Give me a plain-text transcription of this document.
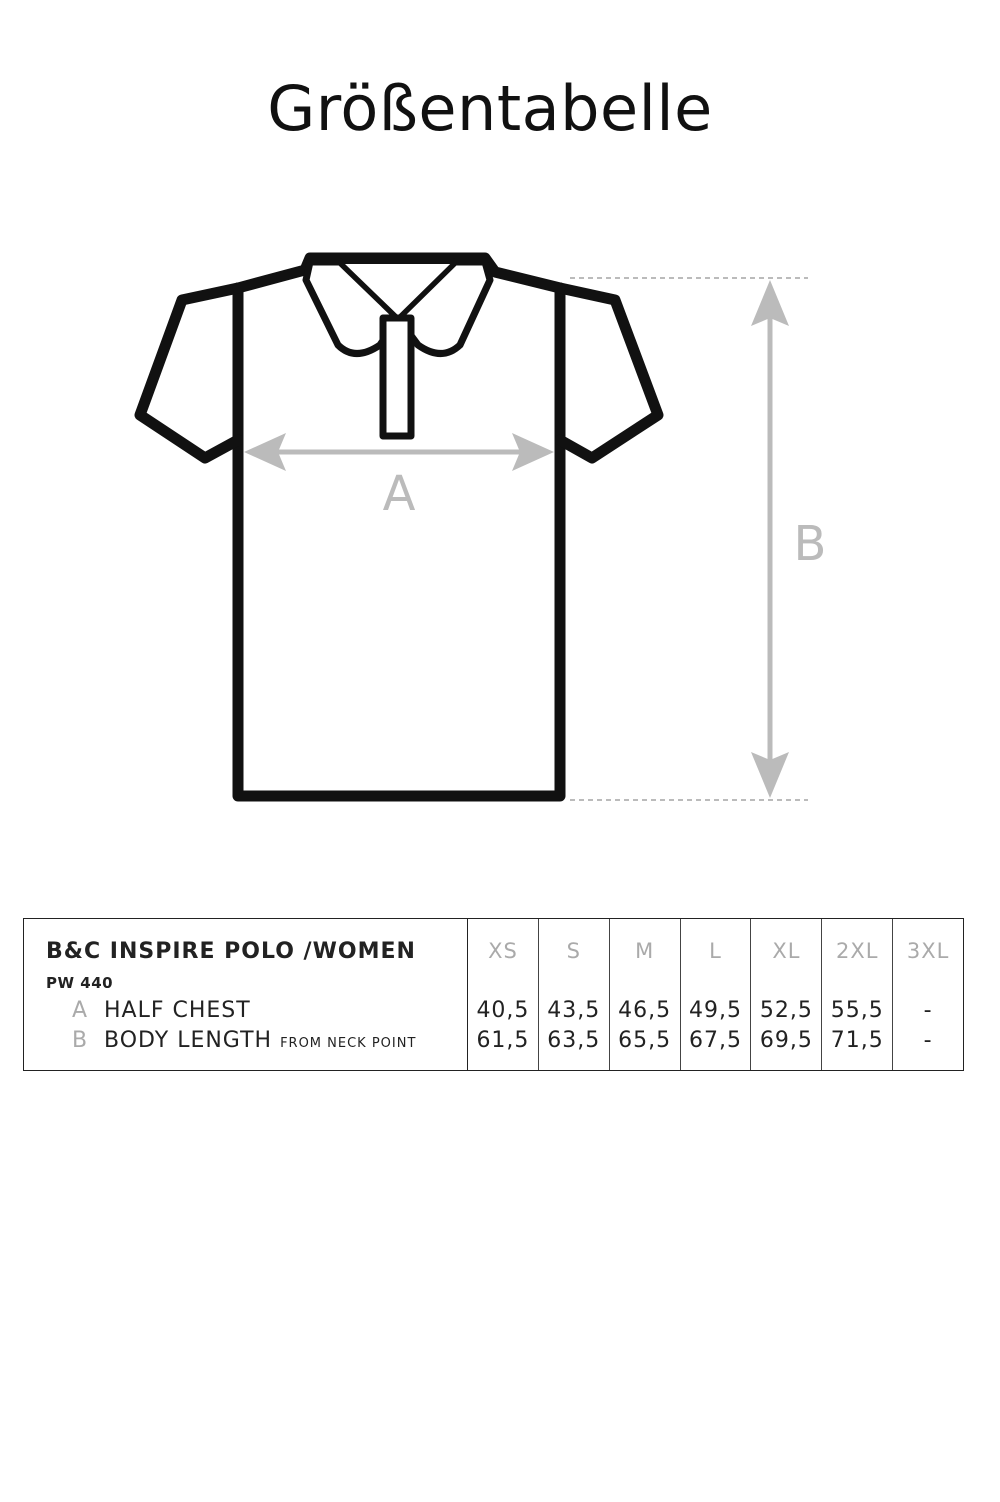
Größentabelle
A
B
B&C INSPIRE POLO /WOMEN
PW 440
A HALF CHEST
B BODY LENGTH FROM NECK POINT
XS
40,5
61,5
S
43,5
63,5
M
46,5
65,5
L
49,5
67,5
XL
52,5
69,5
2XL
55,5
71,5
3XL
-
-
